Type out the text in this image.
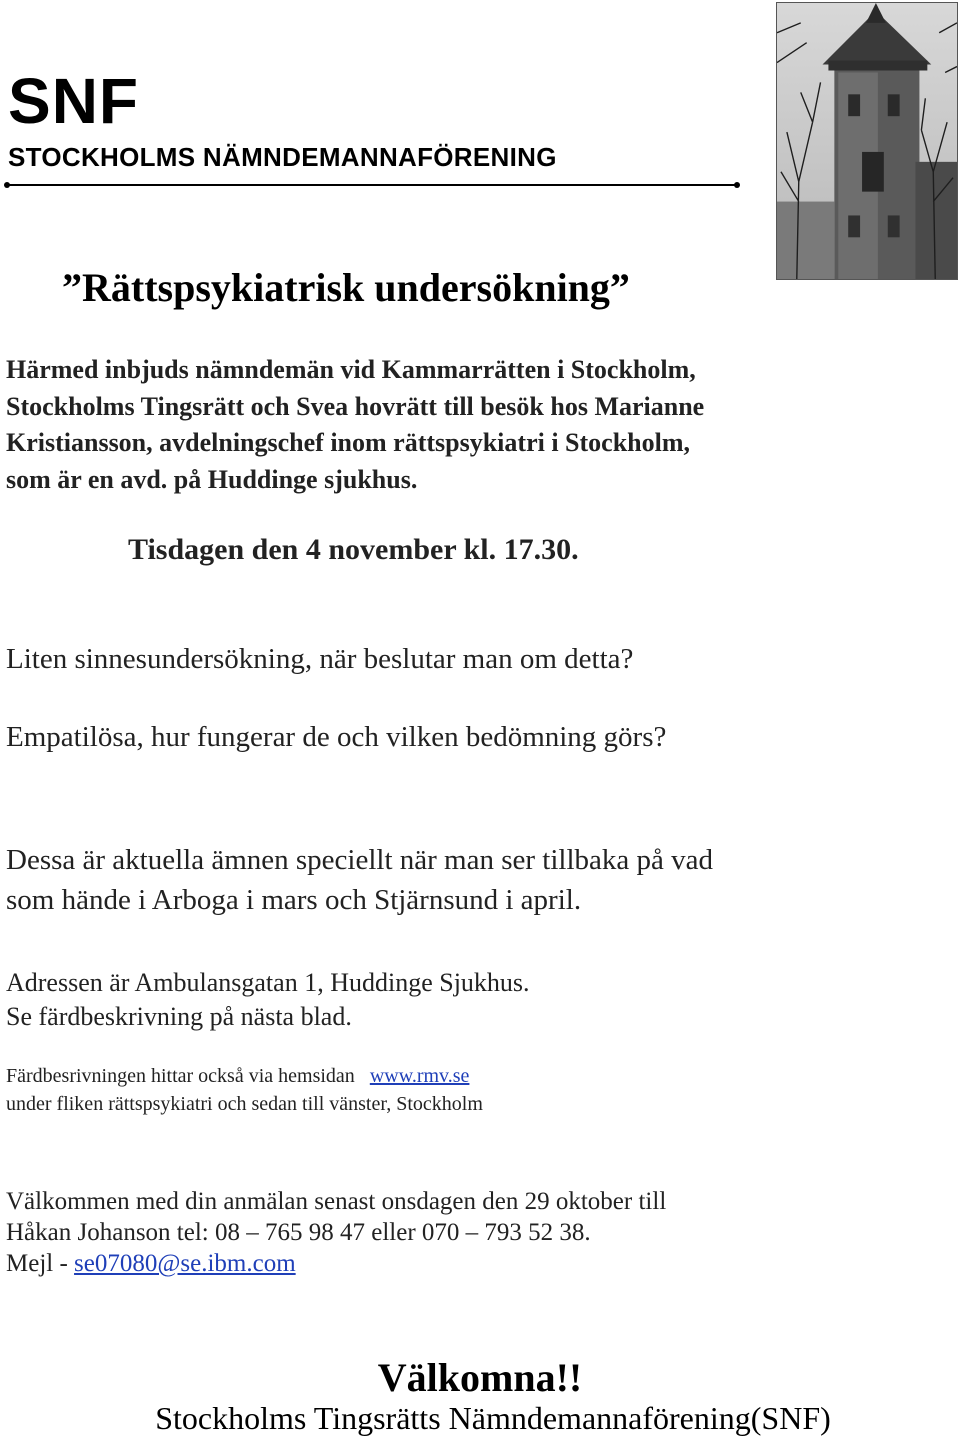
SNF
STOCKHOLMS NÄMNDEMANNAFÖRENING
”Rättspsykiatrisk undersökning”
Härmed inbjuds nämndemän vid Kammarrätten i Stockholm,
Stockholms Tingsrätt och Svea hovrätt till besök hos Marianne
Kristiansson, avdelningschef inom rättspsykiatri i Stockholm,
som är en avd. på Huddinge sjukhus.
Tisdagen den 4 november kl. 17.30.
Liten sinnesundersökning, när beslutar man om detta?
Empatilösa, hur fungerar de och vilken bedömning görs?
Dessa är aktuella ämnen speciellt när man ser tillbaka på vad
som hände i Arboga i mars och Stjärnsund i april.
Adressen är Ambulansgatan 1, Huddinge Sjukhus.
Se färdbeskrivning på nästa blad.
Färdbesrivningen hittar också via hemsidan www.rmv.se
under fliken rättspsykiatri och sedan till vänster, Stockholm
Välkommen med din anmälan senast onsdagen den 29 oktober till
Håkan Johanson tel: 08 – 765 98 47 eller 070 – 793 52 38.
Mejl - se07080@se.ibm.com
Välkomna!!
Stockholms Tingsrätts Nämndemannaförening(SNF)
